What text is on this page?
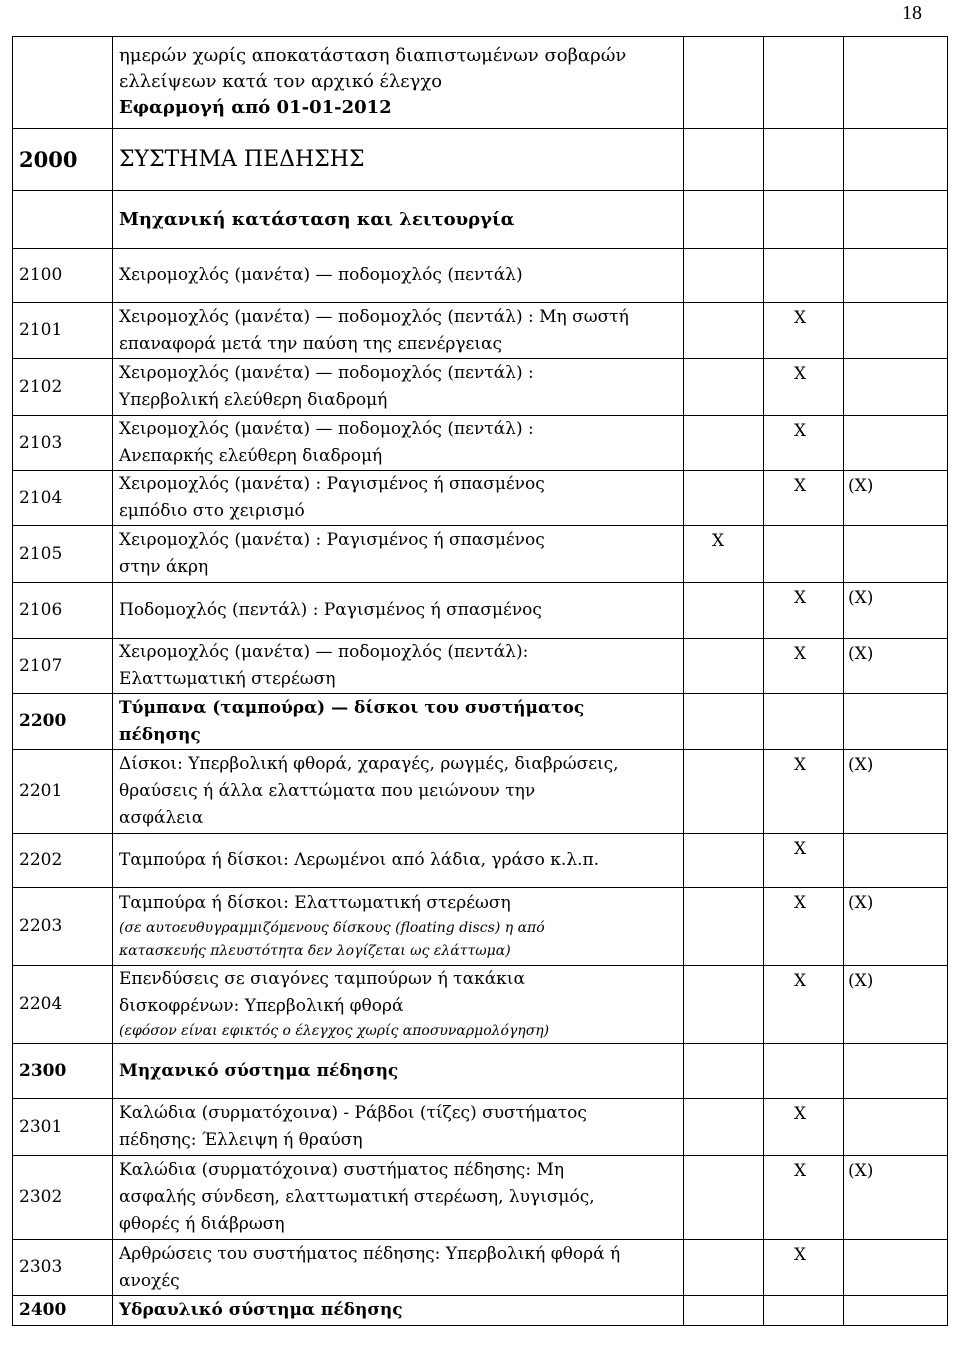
18

	ημερών χωρίς αποκατάσταση διαπιστωμένων σοβαρών
ελλείψεων κατά τον αρχικό έλεγχο
Εφαρμογή από 01-01-2012			

2000	ΣΥΣΤΗΜΑ ΠΕΔΗΣΗΣ			
	Μηχανική κατάσταση και λειτουργία			
2100	Χειρομοχλός (μανέτα) — ποδομοχλός (πεντάλ)			

2101	Χειρομοχλός (μανέτα) — ποδομοχλός (πεντάλ) : Μη σωστή
επαναφορά μετά την παύση της επενέργειας		X	

2102	Χειρομοχλός (μανέτα) — ποδομοχλός (πεντάλ) :
Υπερβολική ελεύθερη διαδρομή		X	

2103	Χειρομοχλός (μανέτα) — ποδομοχλός (πεντάλ) :
Ανεπαρκής ελεύθερη διαδρομή		X	

2104	Χειρομοχλός (μανέτα) : Ραγισμένος ή σπασμένος
εμπόδιο στο χειρισμό		X	(X)

2105	Χειρομοχλός (μανέτα) : Ραγισμένος ή σπασμένος
στην άκρη	X		

2106	Ποδομοχλός (πεντάλ) : Ραγισμένος ή σπασμένος		X	(X)

2107	Χειρομοχλός (μανέτα) — ποδομοχλός (πεντάλ):
Ελαττωματική στερέωση		X	(X)

2200	Τύμπανα (ταμπούρα) — δίσκοι του συστήματος
πέδησης			

2201	Δίσκοι: Υπερβολική φθορά, χαραγές, ρωγμές, διαβρώσεις,
θραύσεις ή άλλα ελαττώματα που μειώνουν την
ασφάλεια		X	(X)

2202	Ταμπούρα ή δίσκοι: Λερωμένοι από λάδια, γράσο κ.λ.π.		X	

2203	Ταμπούρα ή δίσκοι: Ελαττωματική στερέωση
(σε αυτοευθυγραμμιζόμενους δίσκους (floating discs) η από
κατασκευής πλευστότητα δεν λογίζεται ως ελάττωμα)		X	(X)

2204	Επενδύσεις σε σιαγόνες ταμπούρων ή τακάκια
δισκοφρένων: Υπερβολική φθορά
(εφόσον είναι εφικτός ο έλεγχος χωρίς αποσυναρμολόγηση)		X	(X)

2300	Μηχανικό σύστημα πέδησης			

2301	Καλώδια (συρματόχοινα) - Ράβδοι (τίζες) συστήματος
πέδησης: Έλλειψη ή θραύση		X	

2302	Καλώδια (συρματόχοινα) συστήματος πέδησης: Μη
ασφαλής σύνδεση, ελαττωματική στερέωση, λυγισμός,
φθορές ή διάβρωση		X	(X)

2303	Αρθρώσεις του συστήματος πέδησης: Υπερβολική φθορά ή
ανοχές		X	

2400	Υδραυλικό σύστημα πέδησης			
